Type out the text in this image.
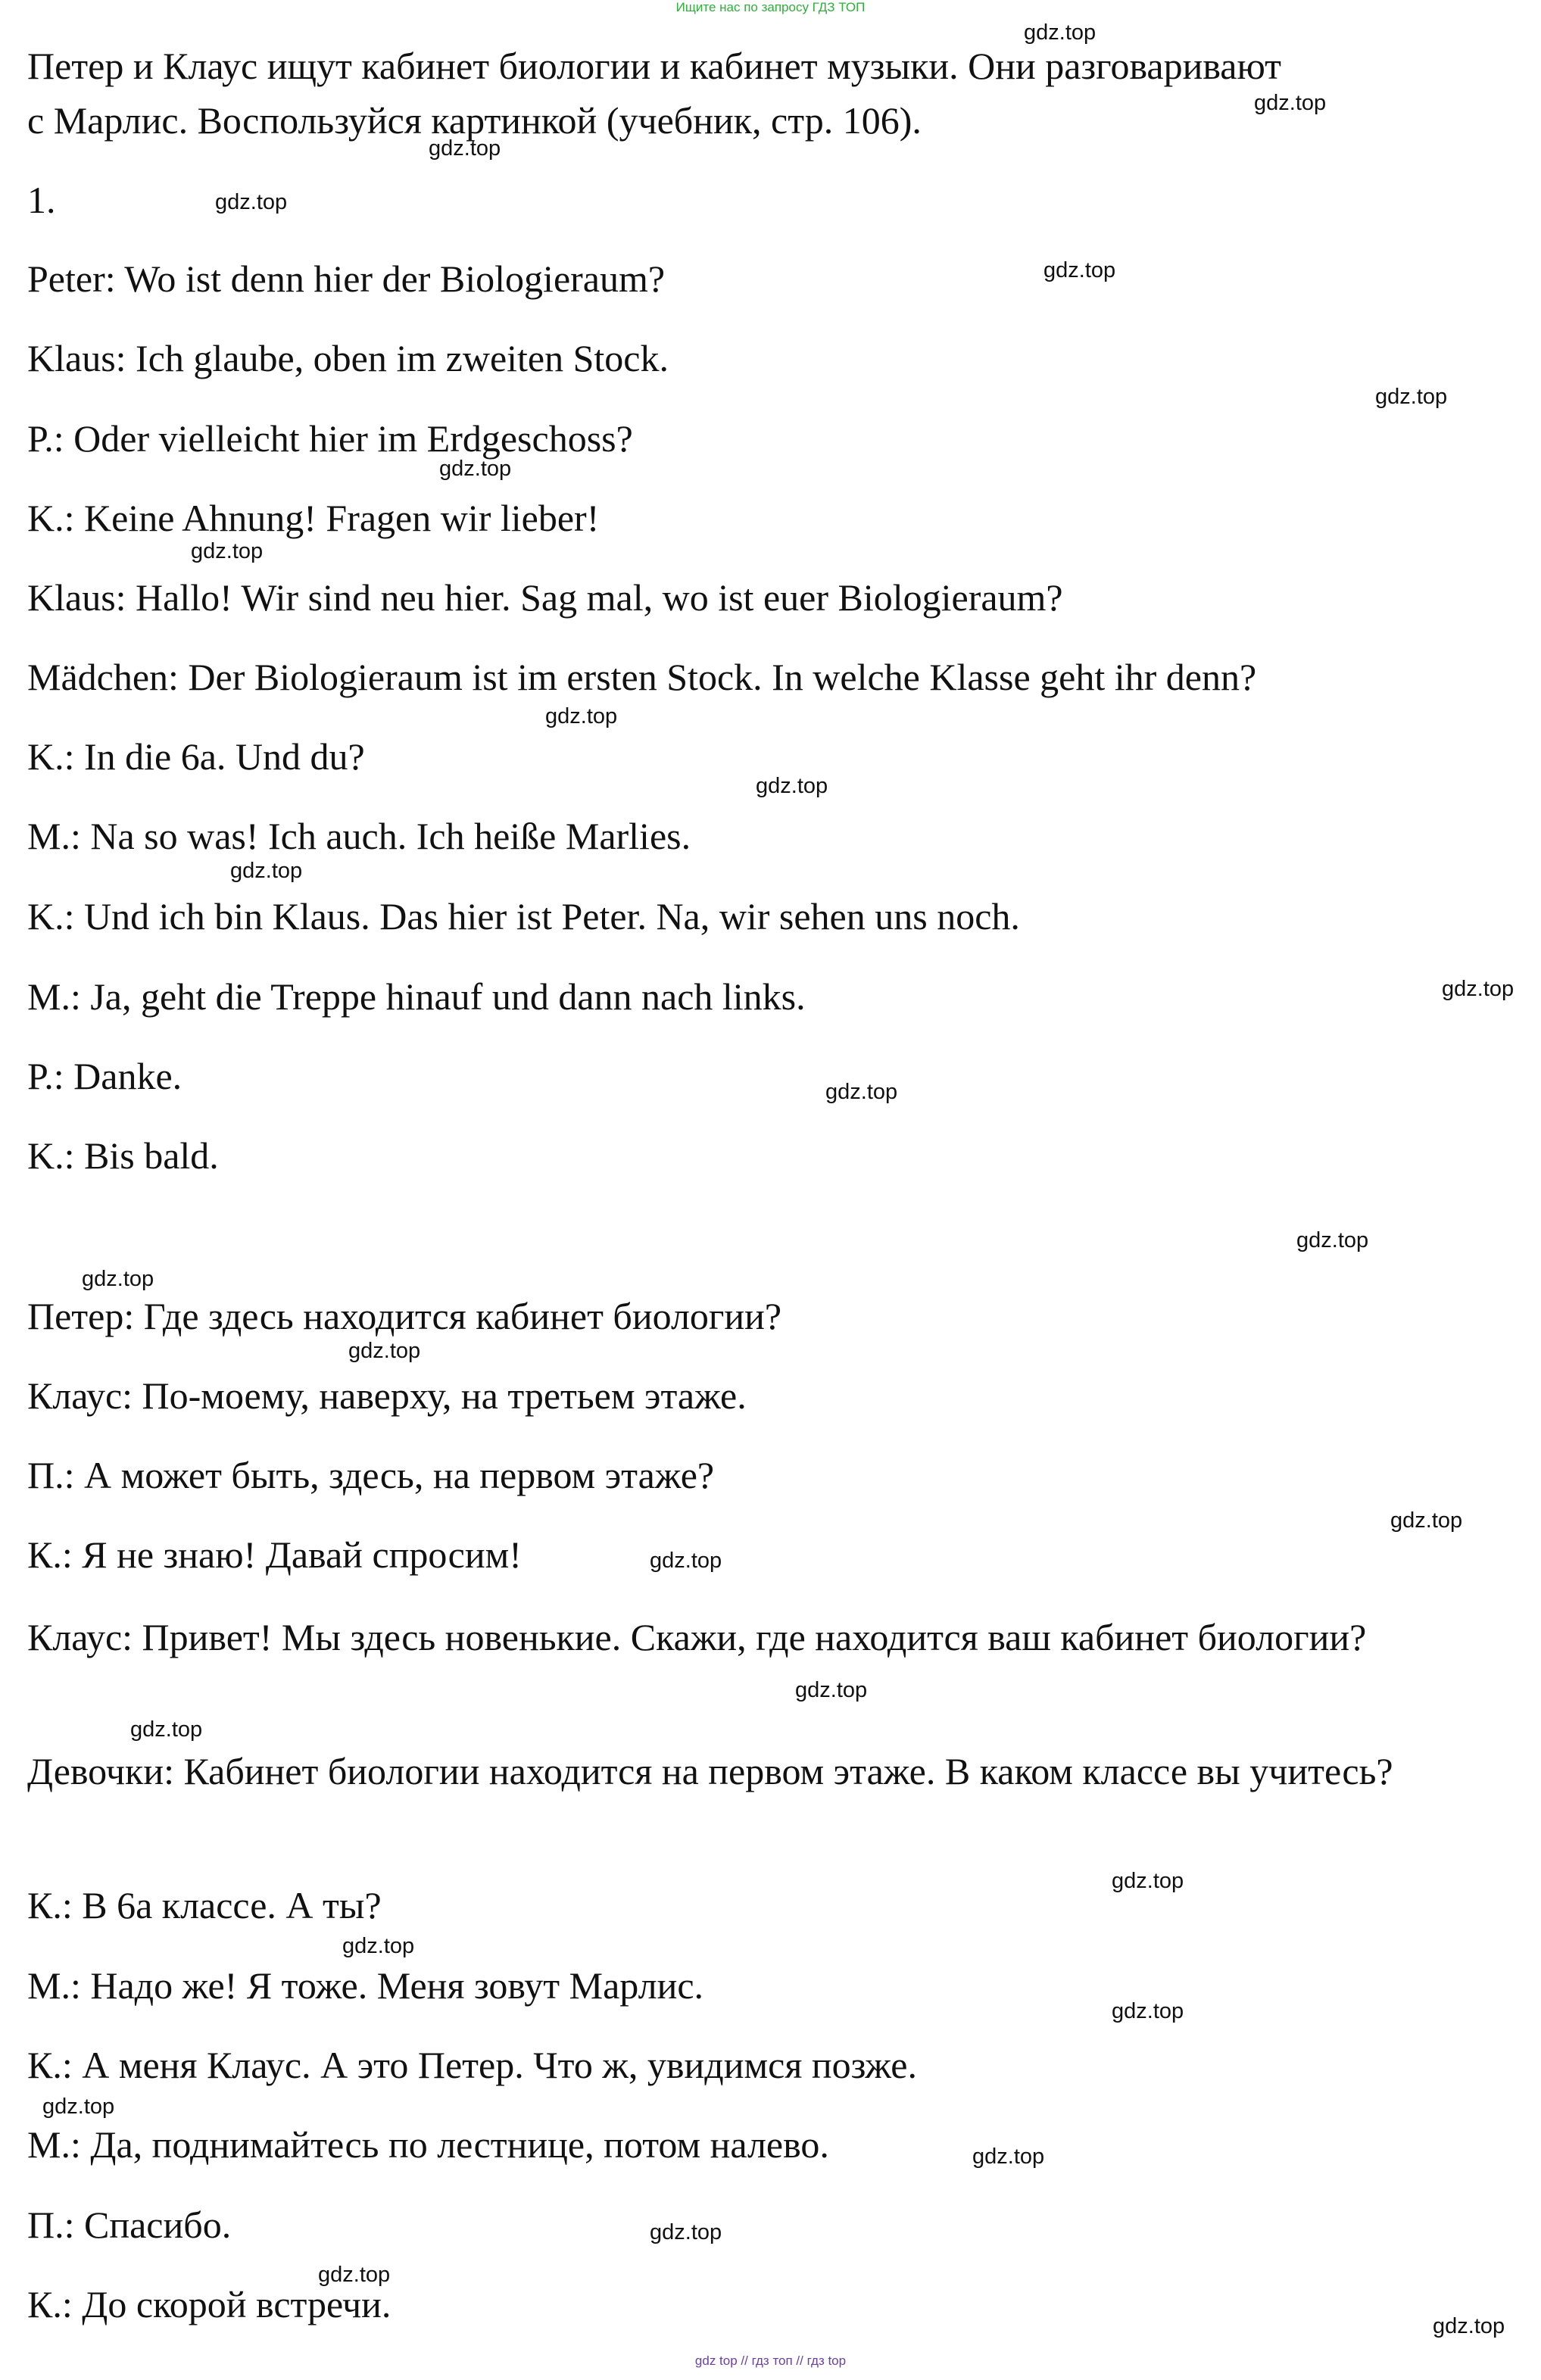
Ищите нас по запросу ГДЗ ТОП
Петер и Клаус ищут кабинет биологии и кабинет музыки. Они разговаривают
с Марлис. Воспользуйся картинкой (учебник, стр. 106).
1.
Peter: Wo ist denn hier der Biologieraum?
Klaus: Ich glaube, oben im zweiten Stock.
P.: Oder vielleicht hier im Erdgeschoss?
K.: Keine Ahnung! Fragen wir lieber!
Klaus: Hallo! Wir sind neu hier. Sag mal, wo ist euer Biologieraum?
Mädchen: Der Biologieraum ist im ersten Stock. In welche Klasse geht ihr denn?
K.: In die 6a. Und du?
M.: Na so was! Ich auch. Ich heiße Marlies.
K.: Und ich bin Klaus. Das hier ist Peter. Na, wir sehen uns noch.
M.: Ja, geht die Treppe hinauf und dann nach links.
P.: Danke.
K.: Bis bald.
Петер: Где здесь находится кабинет биологии?
Клаус: По-моему, наверху, на третьем этаже.
П.: А может быть, здесь, на первом этаже?
К.: Я не знаю! Давай спросим!
Клаус: Привет! Мы здесь новенькие. Скажи, где находится ваш кабинет биологии?
Девочки: Кабинет биологии находится на первом этаже. В каком классе вы учитесь?
К.: В 6а классе. А ты?
М.: Надо же! Я тоже. Меня зовут Марлис.
К.: А меня Клаус. А это Петер. Что ж, увидимся позже.
М.: Да, поднимайтесь по лестнице, потом налево.
П.: Спасибо.
К.: До скорой встречи.
gdz.top
gdz.top
gdz.top
gdz.top
gdz.top
gdz.top
gdz.top
gdz.top
gdz.top
gdz.top
gdz.top
gdz.top
gdz.top
gdz.top
gdz.top
gdz.top
gdz.top
gdz.top
gdz.top
gdz.top
gdz.top
gdz.top
gdz.top
gdz.top
gdz.top
gdz.top
gdz.top
gdz.top
gdz top // гдз топ // гдз top
